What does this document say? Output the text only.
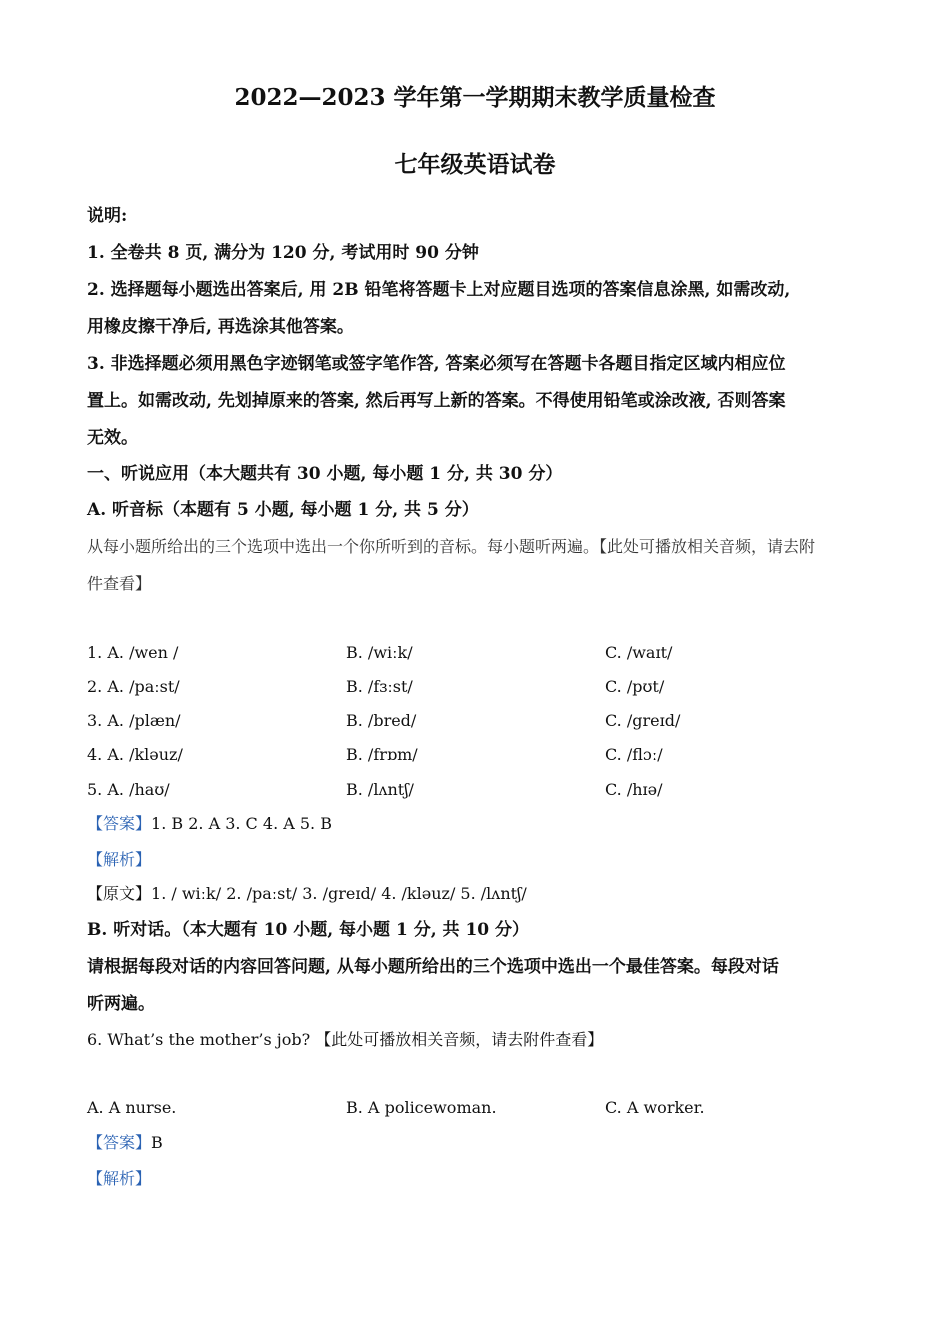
2022—2023 学年第一学期期末教学质量检查
七年级英语试卷
说明:
1. 全卷共 8 页, 满分为 120 分, 考试用时 90 分钟
2. 选择题每小题选出答案后, 用 2B 铅笔将答题卡上对应题目选项的答案信息涂黑, 如需改动,
用橡皮擦干净后, 再选涂其他答案。
3. 非选择题必须用黑色字迹钢笔或签字笔作答, 答案必须写在答题卡各题目指定区域内相应位
置上。如需改动, 先划掉原来的答案, 然后再写上新的答案。不得使用铅笔或涂改液, 否则答案
无效。
一、听说应用（本大题共有 30 小题, 每小题 1 分, 共 30 分）
A. 听音标（本题有 5 小题, 每小题 1 分, 共 5 分）
从每小题所给出的三个选项中选出一个你所听到的音标。每小题听两遍。【此处可播放相关音频，请去附
件查看】
1. A. /wen /	B. /wiːk/	C. /waɪt/
2. A. /paːst/	B. /fɜːst/	C. /pʊt/
3. A. /plæn/	B. /bred/	C. /greɪd/
4. A. /kləuz/	B. /frɒm/	C. /flɔː/
5. A. /haʊ/	B. /lʌntʃ/	C. /hɪə/
【答案】1. B 2. A 3. C 4. A 5. B
【解析】
【原文】1. / wiːk/ 2. /paːst/ 3. /greɪd/ 4. /kləuz/ 5. /lʌntʃ/
B. 听对话。（本大题有 10 小题, 每小题 1 分, 共 10 分）
请根据每段对话的内容回答问题, 从每小题所给出的三个选项中选出一个最佳答案。每段对话
听两遍。
6. What’s the mother’s job? 【此处可播放相关音频，请去附件查看】
A. A nurse.	B. A policewoman.	C. A worker.
【答案】B
【解析】
